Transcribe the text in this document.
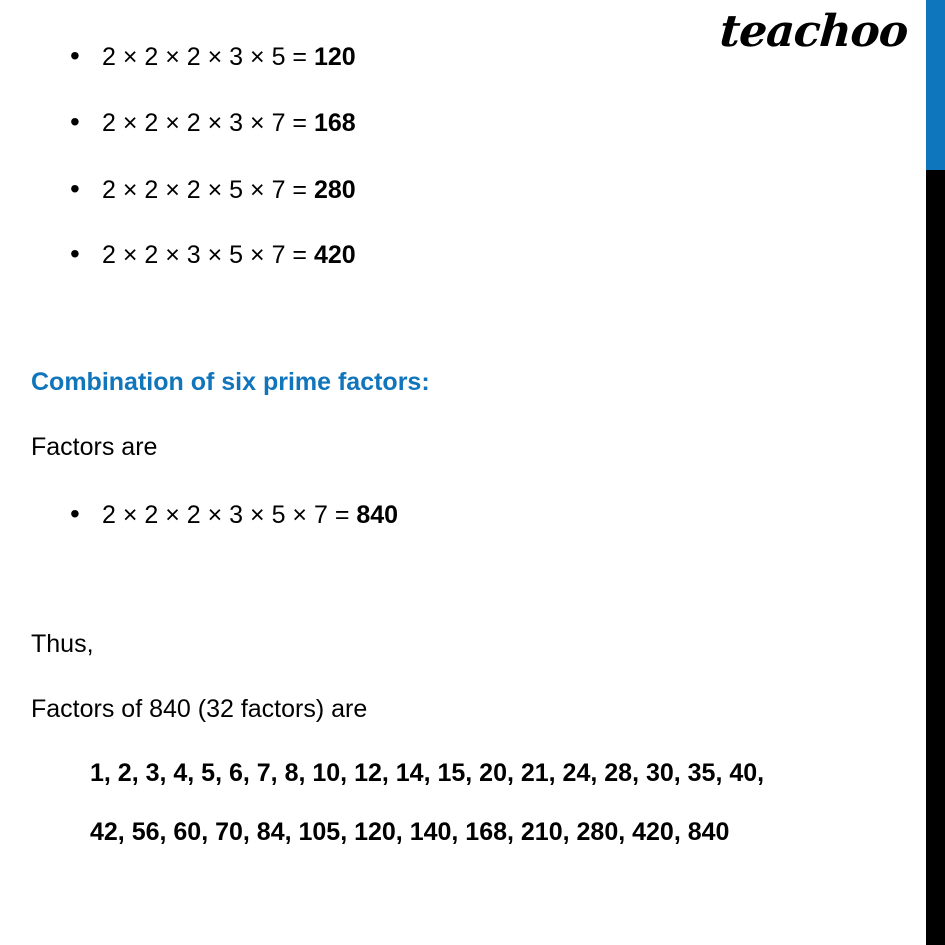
teachoo
• 2 × 2 × 2 × 3 × 5 = 120
• 2 × 2 × 2 × 3 × 7 = 168
• 2 × 2 × 2 × 5 × 7 = 280
• 2 × 2 × 3 × 5 × 7 = 420
Combination of six prime factors:
Factors are
• 2 × 2 × 2 × 3 × 5 × 7 = 840
Thus,
Factors of 840 (32 factors) are
1, 2, 3, 4, 5, 6, 7, 8, 10, 12, 14, 15, 20, 21, 24, 28, 30, 35, 40,
42, 56, 60, 70, 84, 105, 120, 140, 168, 210, 280, 420, 840
